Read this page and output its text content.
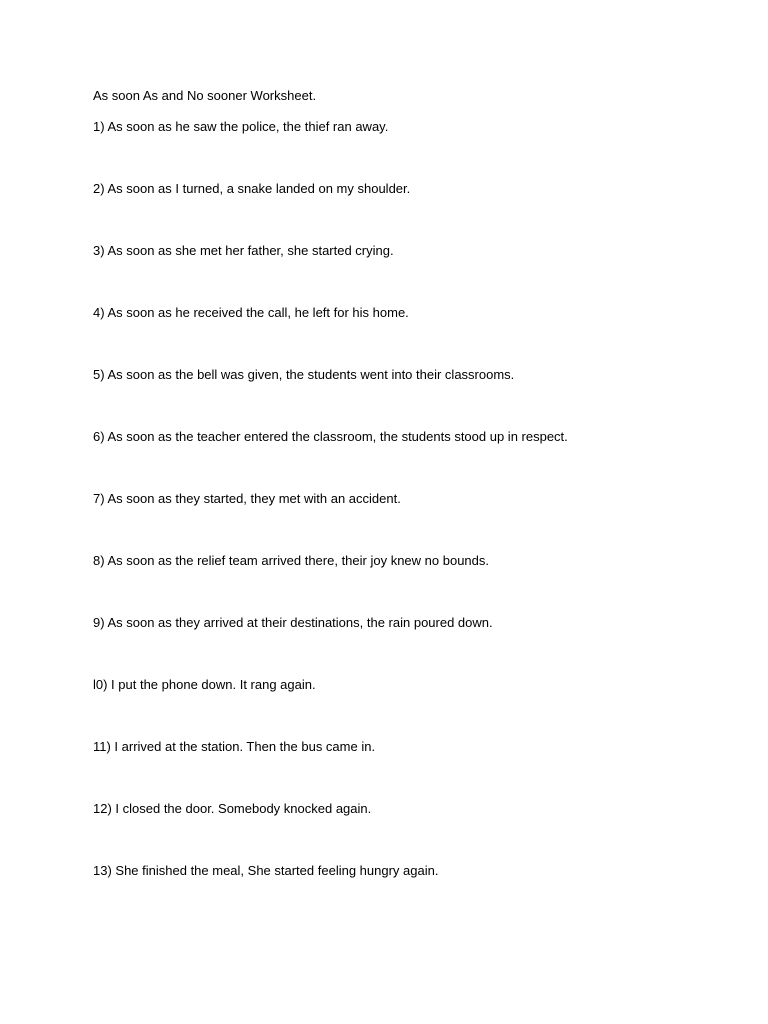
As soon As and No sooner Worksheet.

1) As soon as he saw the police, the thief ran away.
2) As soon as I turned, a snake landed on my shoulder.
3) As soon as she met her father, she started crying.
4) As soon as he received the call, he left for his home.
5) As soon as the bell was given, the students went into their classrooms.
6) As soon as the teacher entered the classroom, the students stood up in respect.
7) As soon as they started, they met with an accident.
8) As soon as the relief team arrived there, their joy knew no bounds.
9) As soon as they arrived at their destinations, the rain poured down.
l0) I put the phone down. It rang again.
11) I arrived at the station. Then the bus came in.
12) I closed the door. Somebody knocked again.
13) She finished the meal, She started feeling hungry again.
